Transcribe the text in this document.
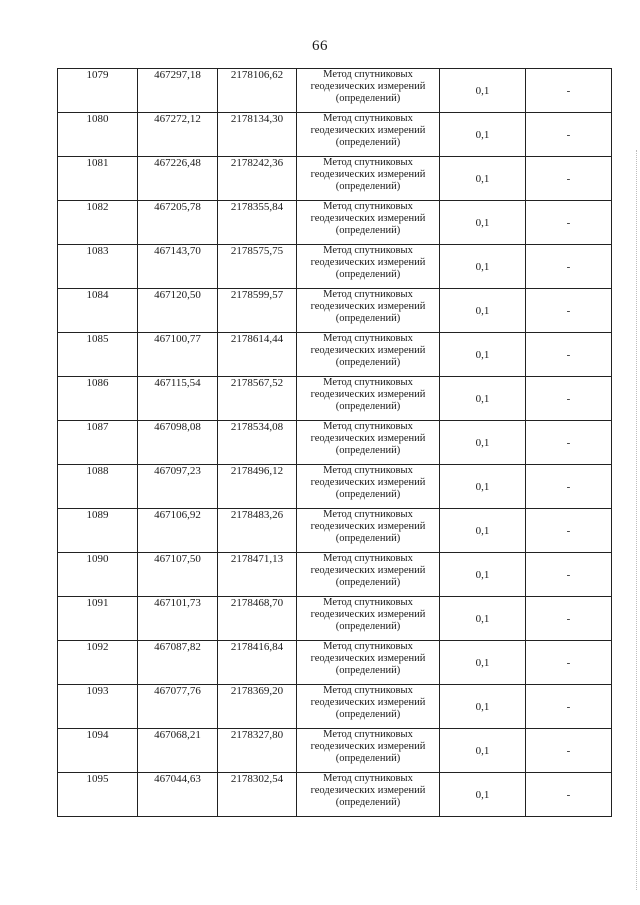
66
1079	467297,18	2178106,62	Метод спутниковых
геодезических измерений
(определений)	0,1	-
1080	467272,12	2178134,30	Метод спутниковых
геодезических измерений
(определений)	0,1	-
1081	467226,48	2178242,36	Метод спутниковых
геодезических измерений
(определений)	0,1	-
1082	467205,78	2178355,84	Метод спутниковых
геодезических измерений
(определений)	0,1	-
1083	467143,70	2178575,75	Метод спутниковых
геодезических измерений
(определений)	0,1	-
1084	467120,50	2178599,57	Метод спутниковых
геодезических измерений
(определений)	0,1	-
1085	467100,77	2178614,44	Метод спутниковых
геодезических измерений
(определений)	0,1	-
1086	467115,54	2178567,52	Метод спутниковых
геодезических измерений
(определений)	0,1	-
1087	467098,08	2178534,08	Метод спутниковых
геодезических измерений
(определений)	0,1	-
1088	467097,23	2178496,12	Метод спутниковых
геодезических измерений
(определений)	0,1	-
1089	467106,92	2178483,26	Метод спутниковых
геодезических измерений
(определений)	0,1	-
1090	467107,50	2178471,13	Метод спутниковых
геодезических измерений
(определений)	0,1	-
1091	467101,73	2178468,70	Метод спутниковых
геодезических измерений
(определений)	0,1	-
1092	467087,82	2178416,84	Метод спутниковых
геодезических измерений
(определений)	0,1	-
1093	467077,76	2178369,20	Метод спутниковых
геодезических измерений
(определений)	0,1	-
1094	467068,21	2178327,80	Метод спутниковых
геодезических измерений
(определений)	0,1	-
1095	467044,63	2178302,54	Метод спутниковых
геодезических измерений
(определений)	0,1	-
